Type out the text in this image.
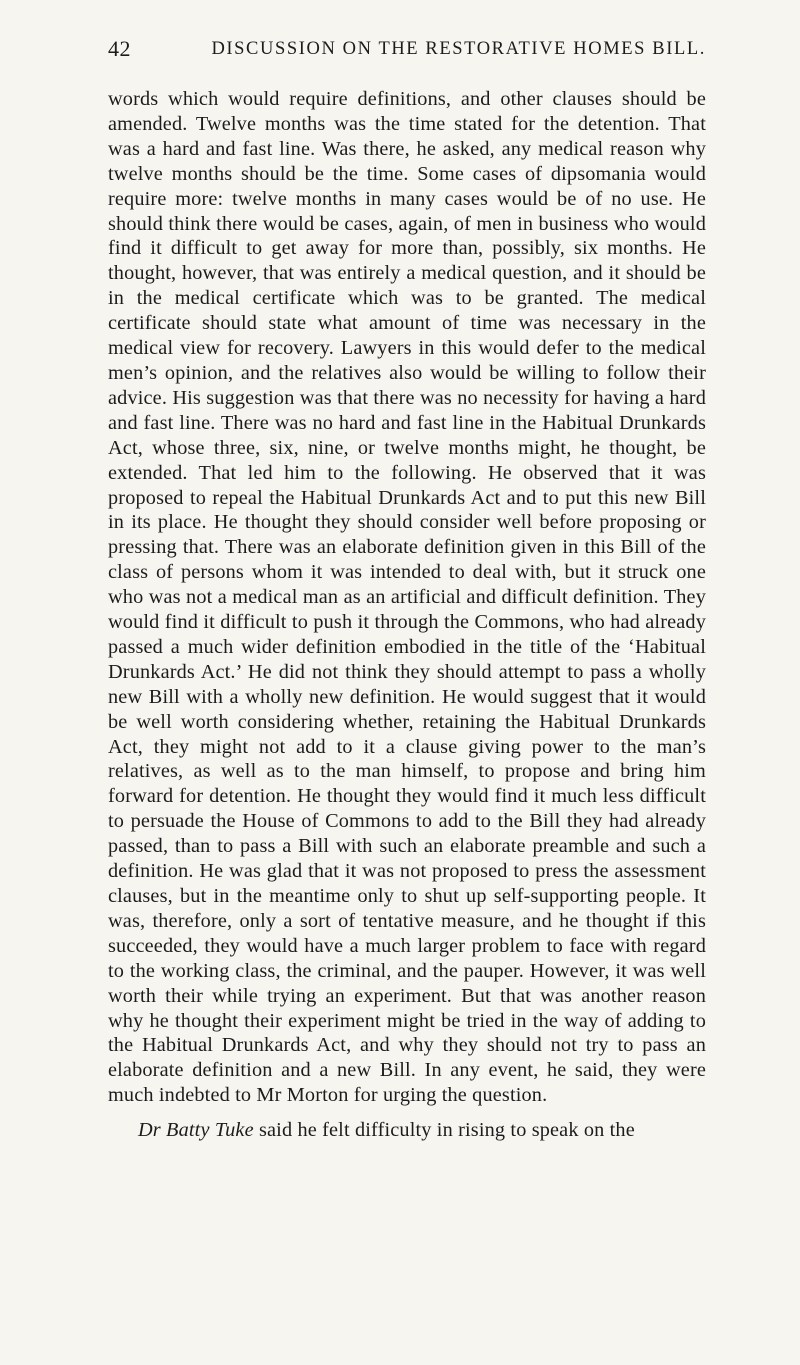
42	DISCUSSION ON THE RESTORATIVE HOMES BILL.

words which would require definitions, and other clauses should be amended. Twelve months was the time stated for the detention. That was a hard and fast line. Was there, he asked, any medical reason why twelve months should be the time. Some cases of dipsomania would require more: twelve months in many cases would be of no use. He should think there would be cases, again, of men in business who would find it difficult to get away for more than, possibly, six months. He thought, however, that was entirely a medical question, and it should be in the medical certificate which was to be granted. The medical certificate should state what amount of time was necessary in the medical view for recovery. Lawyers in this would defer to the medical men’s opinion, and the relatives also would be willing to follow their advice. His suggestion was that there was no necessity for having a hard and fast line. There was no hard and fast line in the Habitual Drunkards Act, whose three, six, nine, or twelve months might, he thought, be extended. That led him to the following. He observed that it was proposed to repeal the Habitual Drunkards Act and to put this new Bill in its place. He thought they should consider well before proposing or pressing that. There was an elaborate definition given in this Bill of the class of persons whom it was intended to deal with, but it struck one who was not a medical man as an artificial and difficult definition. They would find it difficult to push it through the Commons, who had already passed a much wider definition embodied in the title of the ‘Habitual Drunkards Act.’ He did not think they should attempt to pass a wholly new Bill with a wholly new definition. He would suggest that it would be well worth considering whether, retaining the Habitual Drunkards Act, they might not add to it a clause giving power to the man’s relatives, as well as to the man himself, to propose and bring him forward for detention. He thought they would find it much less difficult to persuade the House of Commons to add to the Bill they had already passed, than to pass a Bill with such an elaborate preamble and such a definition. He was glad that it was not proposed to press the assessment clauses, but in the meantime only to shut up self-supporting people. It was, therefore, only a sort of tentative measure, and he thought if this succeeded, they would have a much larger problem to face with regard to the working class, the criminal, and the pauper. However, it was well worth their while trying an experiment. But that was another reason why he thought their experiment might be tried in the way of adding to the Habitual Drunkards Act, and why they should not try to pass an elaborate definition and a new Bill. In any event, he said, they were much indebted to Mr Morton for urging the question.

Dr Batty Tuke said he felt difficulty in rising to speak on the
